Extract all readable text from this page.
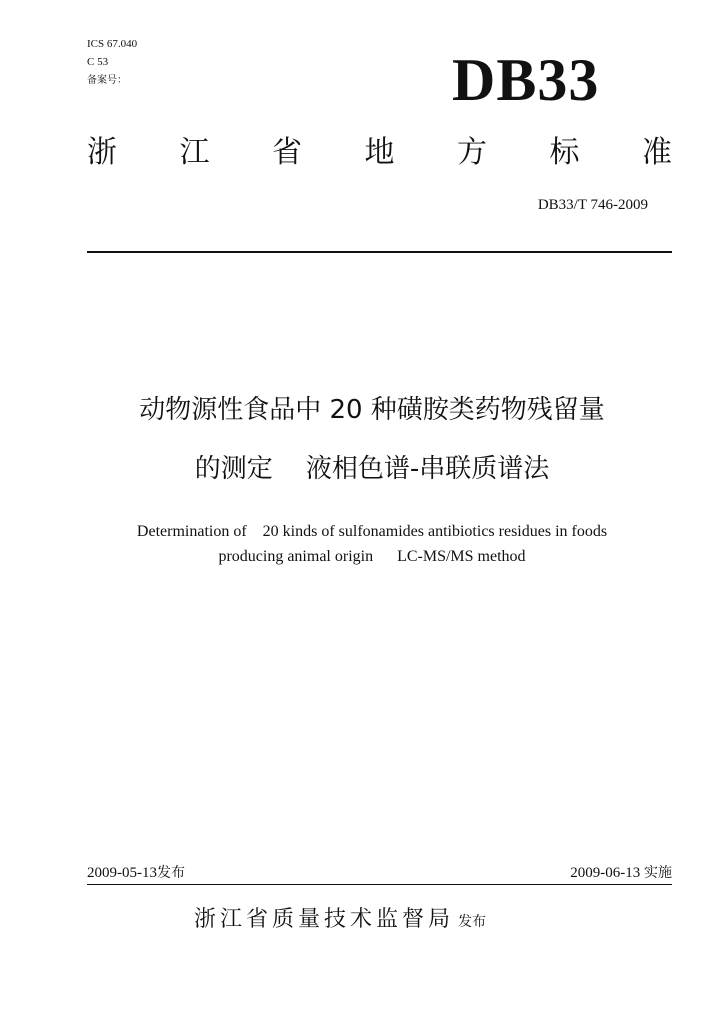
ICS 67.040
C 53
备案号：	DB33
浙 江 省 地 方 标 准
DB33/T 746-2009
动物源性食品中 20 种磺胺类药物残留量
的测定    液相色谱-串联质谱法
Determination of    20 kinds of sulfonamides antibiotics residues in foods
producing animal origin      LC-MS/MS method
2009-05-13发布	2009-06-13 实施
浙江省质量技术监督局 发布
